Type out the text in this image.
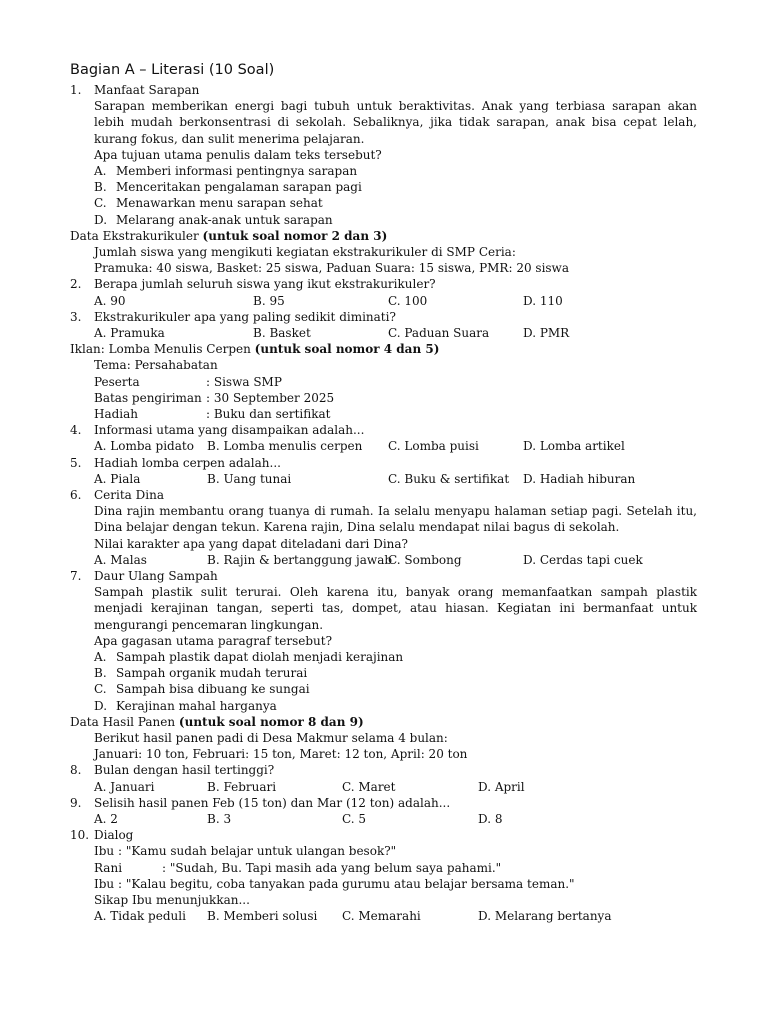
Bagian A – Literasi (10 Soal)
1.	Manfaat Sarapan
Sarapan memberikan energi bagi tubuh untuk beraktivitas. Anak yang terbiasa sarapan akan lebih mudah berkonsentrasi di sekolah. Sebaliknya, jika tidak sarapan, anak bisa cepat lelah, kurang fokus, dan sulit menerima pelajaran.
Apa tujuan utama penulis dalam teks tersebut?
A. Memberi informasi pentingnya sarapan
B. Menceritakan pengalaman sarapan pagi
C. Menawarkan menu sarapan sehat
D. Melarang anak-anak untuk sarapan
Data Ekstrakurikuler (untuk soal nomor 2 dan 3)
Jumlah siswa yang mengikuti kegiatan ekstrakurikuler di SMP Ceria:
Pramuka: 40 siswa, Basket: 25 siswa, Paduan Suara: 15 siswa, PMR: 20 siswa
2.	Berapa jumlah seluruh siswa yang ikut ekstrakurikuler?
A. 90	B. 95	C. 100	D. 110
3.	Ekstrakurikuler apa yang paling sedikit diminati?
A. Pramuka	B. Basket	C. Paduan Suara	D. PMR
Iklan: Lomba Menulis Cerpen (untuk soal nomor 4 dan 5)
Tema: Persahabatan
Peserta	: Siswa SMP
Batas pengiriman : 30 September 2025
Hadiah	: Buku dan sertifikat
4.	Informasi utama yang disampaikan adalah...
A. Lomba pidato B. Lomba menulis cerpen C. Lomba puisi	D. Lomba artikel
5.	Hadiah lomba cerpen adalah...
A. Piala	B. Uang tunai	C. Buku & sertifikat D. Hadiah hiburan
6.	Cerita Dina
Dina rajin membantu orang tuanya di rumah. Ia selalu menyapu halaman setiap pagi. Setelah itu, Dina belajar dengan tekun. Karena rajin, Dina selalu mendapat nilai bagus di sekolah.
Nilai karakter apa yang dapat diteladani dari Dina?
A. Malas	B. Rajin & bertanggung jawab
C. Sombong	D. Cerdas tapi cuek
7.	Daur Ulang Sampah
Sampah plastik sulit terurai. Oleh karena itu, banyak orang memanfaatkan sampah plastik menjadi kerajinan tangan, seperti tas, dompet, atau hiasan. Kegiatan ini bermanfaat untuk mengurangi pencemaran lingkungan.
Apa gagasan utama paragraf tersebut?
A. Sampah plastik dapat diolah menjadi kerajinan
B. Sampah organik mudah terurai
C. Sampah bisa dibuang ke sungai
D. Kerajinan mahal harganya
Data Hasil Panen (untuk soal nomor 8 dan 9)
Berikut hasil panen padi di Desa Makmur selama 4 bulan:
Januari: 10 ton, Februari: 15 ton, Maret: 12 ton, April: 20 ton
8.	Bulan dengan hasil tertinggi?
A. Januari	B. Februari	C. Maret	D. April
9.	Selisih hasil panen Feb (15 ton) dan Mar (12 ton) adalah...
A. 2	B. 3	C. 5	D. 8
10. Dialog
Ibu : "Kamu sudah belajar untuk ulangan besok?"
Rani	: "Sudah, Bu. Tapi masih ada yang belum saya pahami."
Ibu : "Kalau begitu, coba tanyakan pada gurumu atau belajar bersama teman."
Sikap Ibu menunjukkan...
A. Tidak peduli B. Memberi solusi C. Memarahi	D. Melarang bertanya
